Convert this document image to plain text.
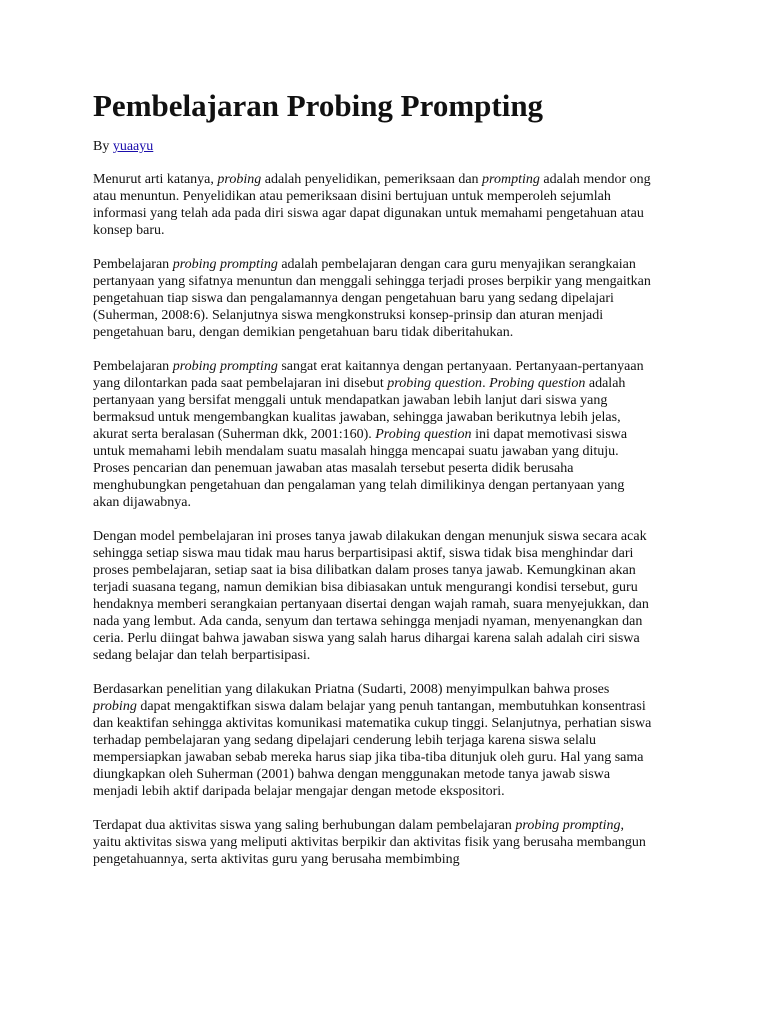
Pembelajaran Probing Prompting
By yuaayu

Menurut arti katanya, probing adalah penyelidikan, pemeriksaan dan prompting adalah mendor ong atau menuntun. Penyelidikan atau pemeriksaan disini bertujuan untuk memperoleh sejumlah informasi yang telah ada pada diri siswa agar dapat digunakan untuk memahami pengetahuan atau konsep baru.

Pembelajaran probing prompting adalah pembelajaran dengan cara guru menyajikan serangkaian pertanyaan yang sifatnya menuntun dan menggali sehingga terjadi proses berpikir yang mengaitkan pengetahuan tiap siswa dan pengalamannya dengan pengetahuan baru yang sedang dipelajari (Suherman, 2008:6). Selanjutnya siswa mengkonstruksi konsep-prinsip dan aturan menjadi pengetahuan baru, dengan demikian pengetahuan baru tidak diberitahukan.

Pembelajaran probing prompting sangat erat kaitannya dengan pertanyaan. Pertanyaan-pertanyaan yang dilontarkan pada saat pembelajaran ini disebut probing question. Probing question adalah pertanyaan yang bersifat menggali untuk mendapatkan jawaban lebih lanjut dari siswa yang bermaksud untuk mengembangkan kualitas jawaban, sehingga jawaban berikutnya lebih jelas, akurat serta beralasan (Suherman dkk, 2001:160). Probing question ini dapat memotivasi siswa untuk memahami lebih mendalam suatu masalah hingga mencapai suatu jawaban yang dituju. Proses pencarian dan penemuan jawaban atas masalah tersebut peserta didik berusaha menghubungkan pengetahuan dan pengalaman yang telah dimilikinya dengan pertanyaan yang akan dijawabnya.

Dengan model pembelajaran ini proses tanya jawab dilakukan dengan menunjuk siswa secara acak sehingga setiap siswa mau tidak mau harus berpartisipasi aktif, siswa tidak bisa menghindar dari proses pembelajaran, setiap saat ia bisa dilibatkan dalam proses tanya jawab. Kemungkinan akan terjadi suasana tegang, namun demikian bisa dibiasakan untuk mengurangi kondisi tersebut, guru hendaknya memberi serangkaian pertanyaan disertai dengan wajah ramah, suara menyejukkan, dan nada yang lembut. Ada canda, senyum dan tertawa sehingga menjadi nyaman, menyenangkan dan ceria. Perlu diingat bahwa jawaban siswa yang salah harus dihargai karena salah adalah ciri siswa sedang belajar dan telah berpartisipasi.

Berdasarkan penelitian yang dilakukan Priatna (Sudarti, 2008) menyimpulkan bahwa proses probing dapat mengaktifkan siswa dalam belajar yang penuh tantangan, membutuhkan konsentrasi dan keaktifan sehingga aktivitas komunikasi matematika cukup tinggi. Selanjutnya, perhatian siswa terhadap pembelajaran yang sedang dipelajari cenderung lebih terjaga karena siswa selalu mempersiapkan jawaban sebab mereka harus siap jika tiba-tiba ditunjuk oleh guru. Hal yang sama diungkapkan oleh Suherman (2001) bahwa dengan menggunakan metode tanya jawab siswa menjadi lebih aktif daripada belajar mengajar dengan metode ekspositori.

Terdapat dua aktivitas siswa yang saling berhubungan dalam pembelajaran probing prompting, yaitu aktivitas siswa yang meliputi aktivitas berpikir dan aktivitas fisik yang berusaha membangun pengetahuannya, serta aktivitas guru yang berusaha membimbing
